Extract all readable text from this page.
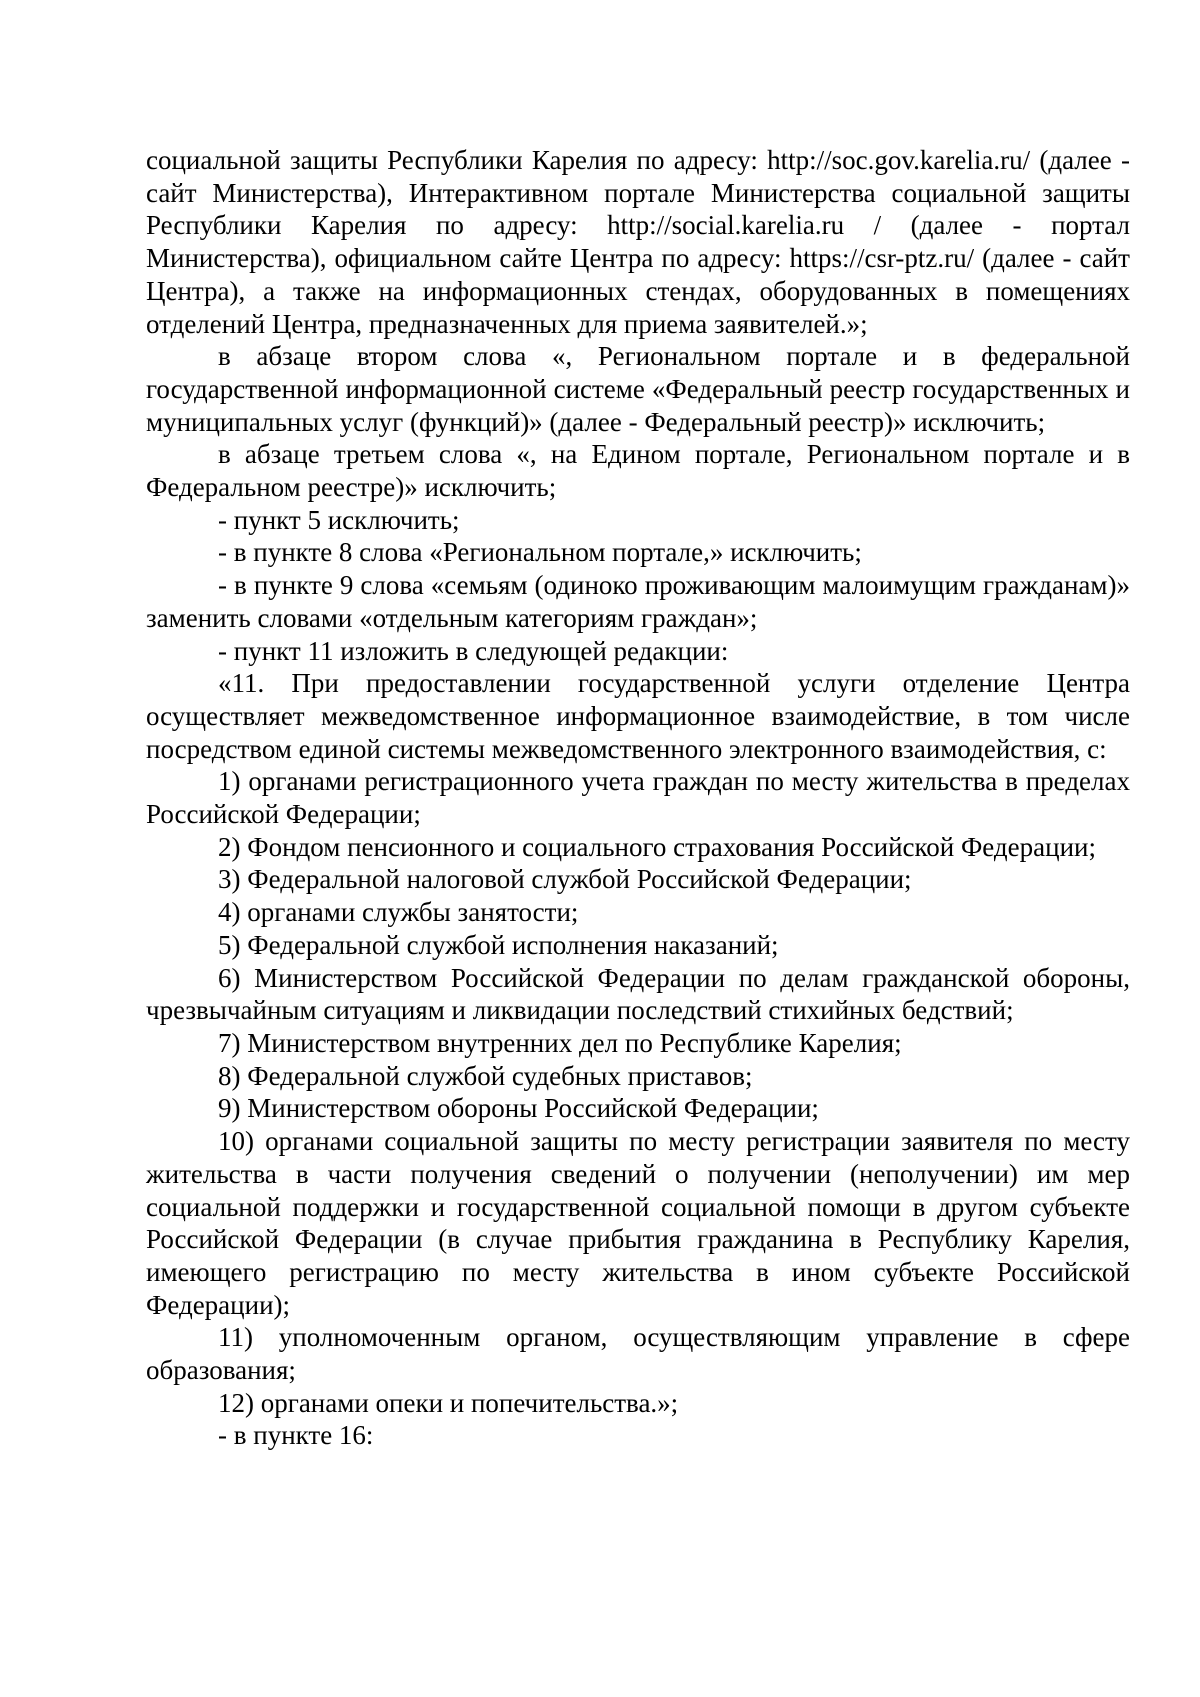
социальной защиты Республики Карелия по адресу: http://soc.gov.karelia.ru/ (далее - сайт Министерства), Интерактивном портале Министерства социальной защиты Республики Карелия по адресу: http://social.karelia.ru / (далее - портал Министерства), официальном сайте Центра по адресу: https://csr-ptz.ru/ (далее - сайт Центра), а также на информационных стендах, оборудованных в помещениях отделений Центра, предназначенных для приема заявителей.»;

в абзаце втором слова «, Региональном портале и в федеральной государственной информационной системе «Федеральный реестр государственных и муниципальных услуг (функций)» (далее - Федеральный реестр)» исключить;

в абзаце третьем слова «, на Едином портале, Региональном портале и в Федеральном реестре)» исключить;

- пункт 5 исключить;

- в пункте 8 слова «Региональном портале,» исключить;

- в пункте 9 слова «семьям (одиноко проживающим малоимущим гражданам)» заменить словами «отдельным категориям граждан»;

- пункт 11 изложить в следующей редакции:

«11. При предоставлении государственной услуги отделение Центра осуществляет межведомственное информационное взаимодействие, в том числе посредством единой системы межведомственного электронного взаимодействия, с:

1) органами регистрационного учета граждан по месту жительства в пределах Российской Федерации;

2) Фондом пенсионного и социального страхования Российской Федерации;

3) Федеральной налоговой службой Российской Федерации;

4) органами службы занятости;

5) Федеральной службой исполнения наказаний;

6) Министерством Российской Федерации по делам гражданской обороны, чрезвычайным ситуациям и ликвидации последствий стихийных бедствий;

7) Министерством внутренних дел по Республике Карелия;

8) Федеральной службой судебных приставов;

9) Министерством обороны Российской Федерации;

10) органами социальной защиты по месту регистрации заявителя по месту жительства в части получения сведений о получении (неполучении) им мер социальной поддержки и государственной социальной помощи в другом субъекте Российской Федерации (в случае прибытия гражданина в Республику Карелия, имеющего регистрацию по месту жительства в ином субъекте Российской Федерации);

11) уполномоченным органом, осуществляющим управление в сфере образования;

12) органами опеки и попечительства.»;

- в пункте 16:
